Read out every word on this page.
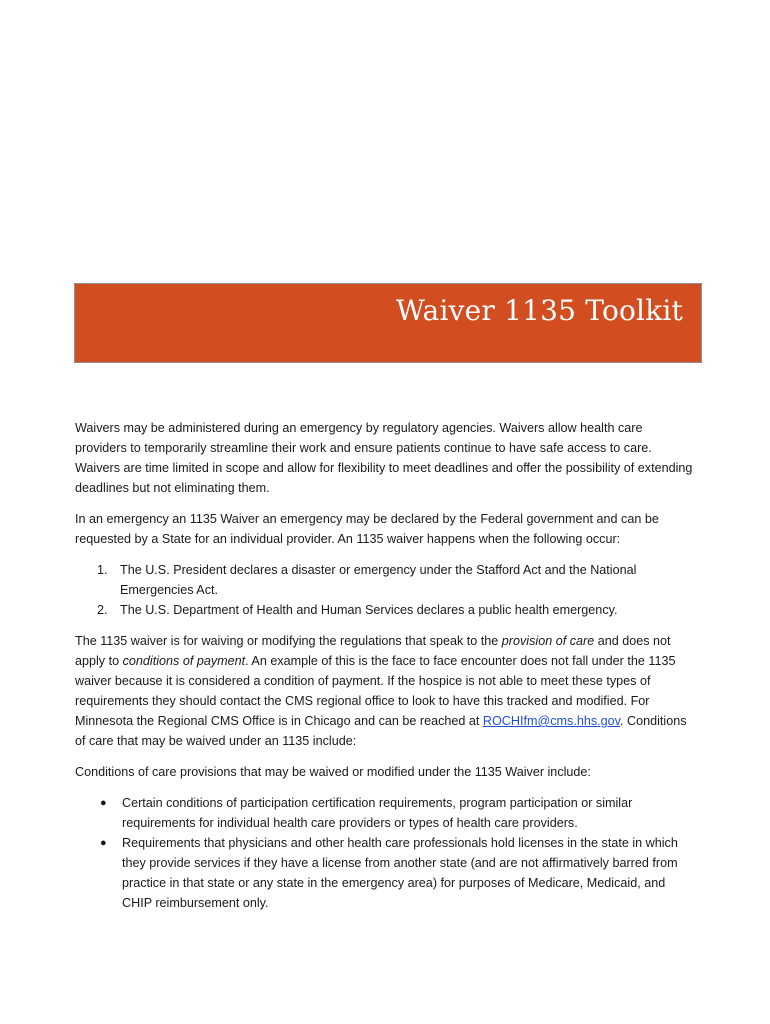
Waiver 1135 Toolkit

Waivers may be administered during an emergency by regulatory agencies. Waivers allow health care providers to temporarily streamline their work and ensure patients continue to have safe access to care. Waivers are time limited in scope and allow for flexibility to meet deadlines and offer the possibility of extending deadlines but not eliminating them.

In an emergency an 1135 Waiver an emergency may be declared by the Federal government and can be requested by a State for an individual provider. An 1135 waiver happens when the following occur:

1. The U.S. President declares a disaster or emergency under the Stafford Act and the National Emergencies Act.
2. The U.S. Department of Health and Human Services declares a public health emergency.

The 1135 waiver is for waiving or modifying the regulations that speak to the provision of care and does not apply to conditions of payment. An example of this is the face to face encounter does not fall under the 1135 waiver because it is considered a condition of payment. If the hospice is not able to meet these types of requirements they should contact the CMS regional office to look to have this tracked and modified. For Minnesota the Regional CMS Office is in Chicago and can be reached at ROCHIfm@cms.hhs.gov. Conditions of care that may be waived under an 1135 include:

Conditions of care provisions that may be waived or modified under the 1135 Waiver include:

● Certain conditions of participation certification requirements, program participation or similar requirements for individual health care providers or types of health care providers.
● Requirements that physicians and other health care professionals hold licenses in the state in which they provide services if they have a license from another state (and are not affirmatively barred from practice in that state or any state in the emergency area) for purposes of Medicare, Medicaid, and CHIP reimbursement only.
